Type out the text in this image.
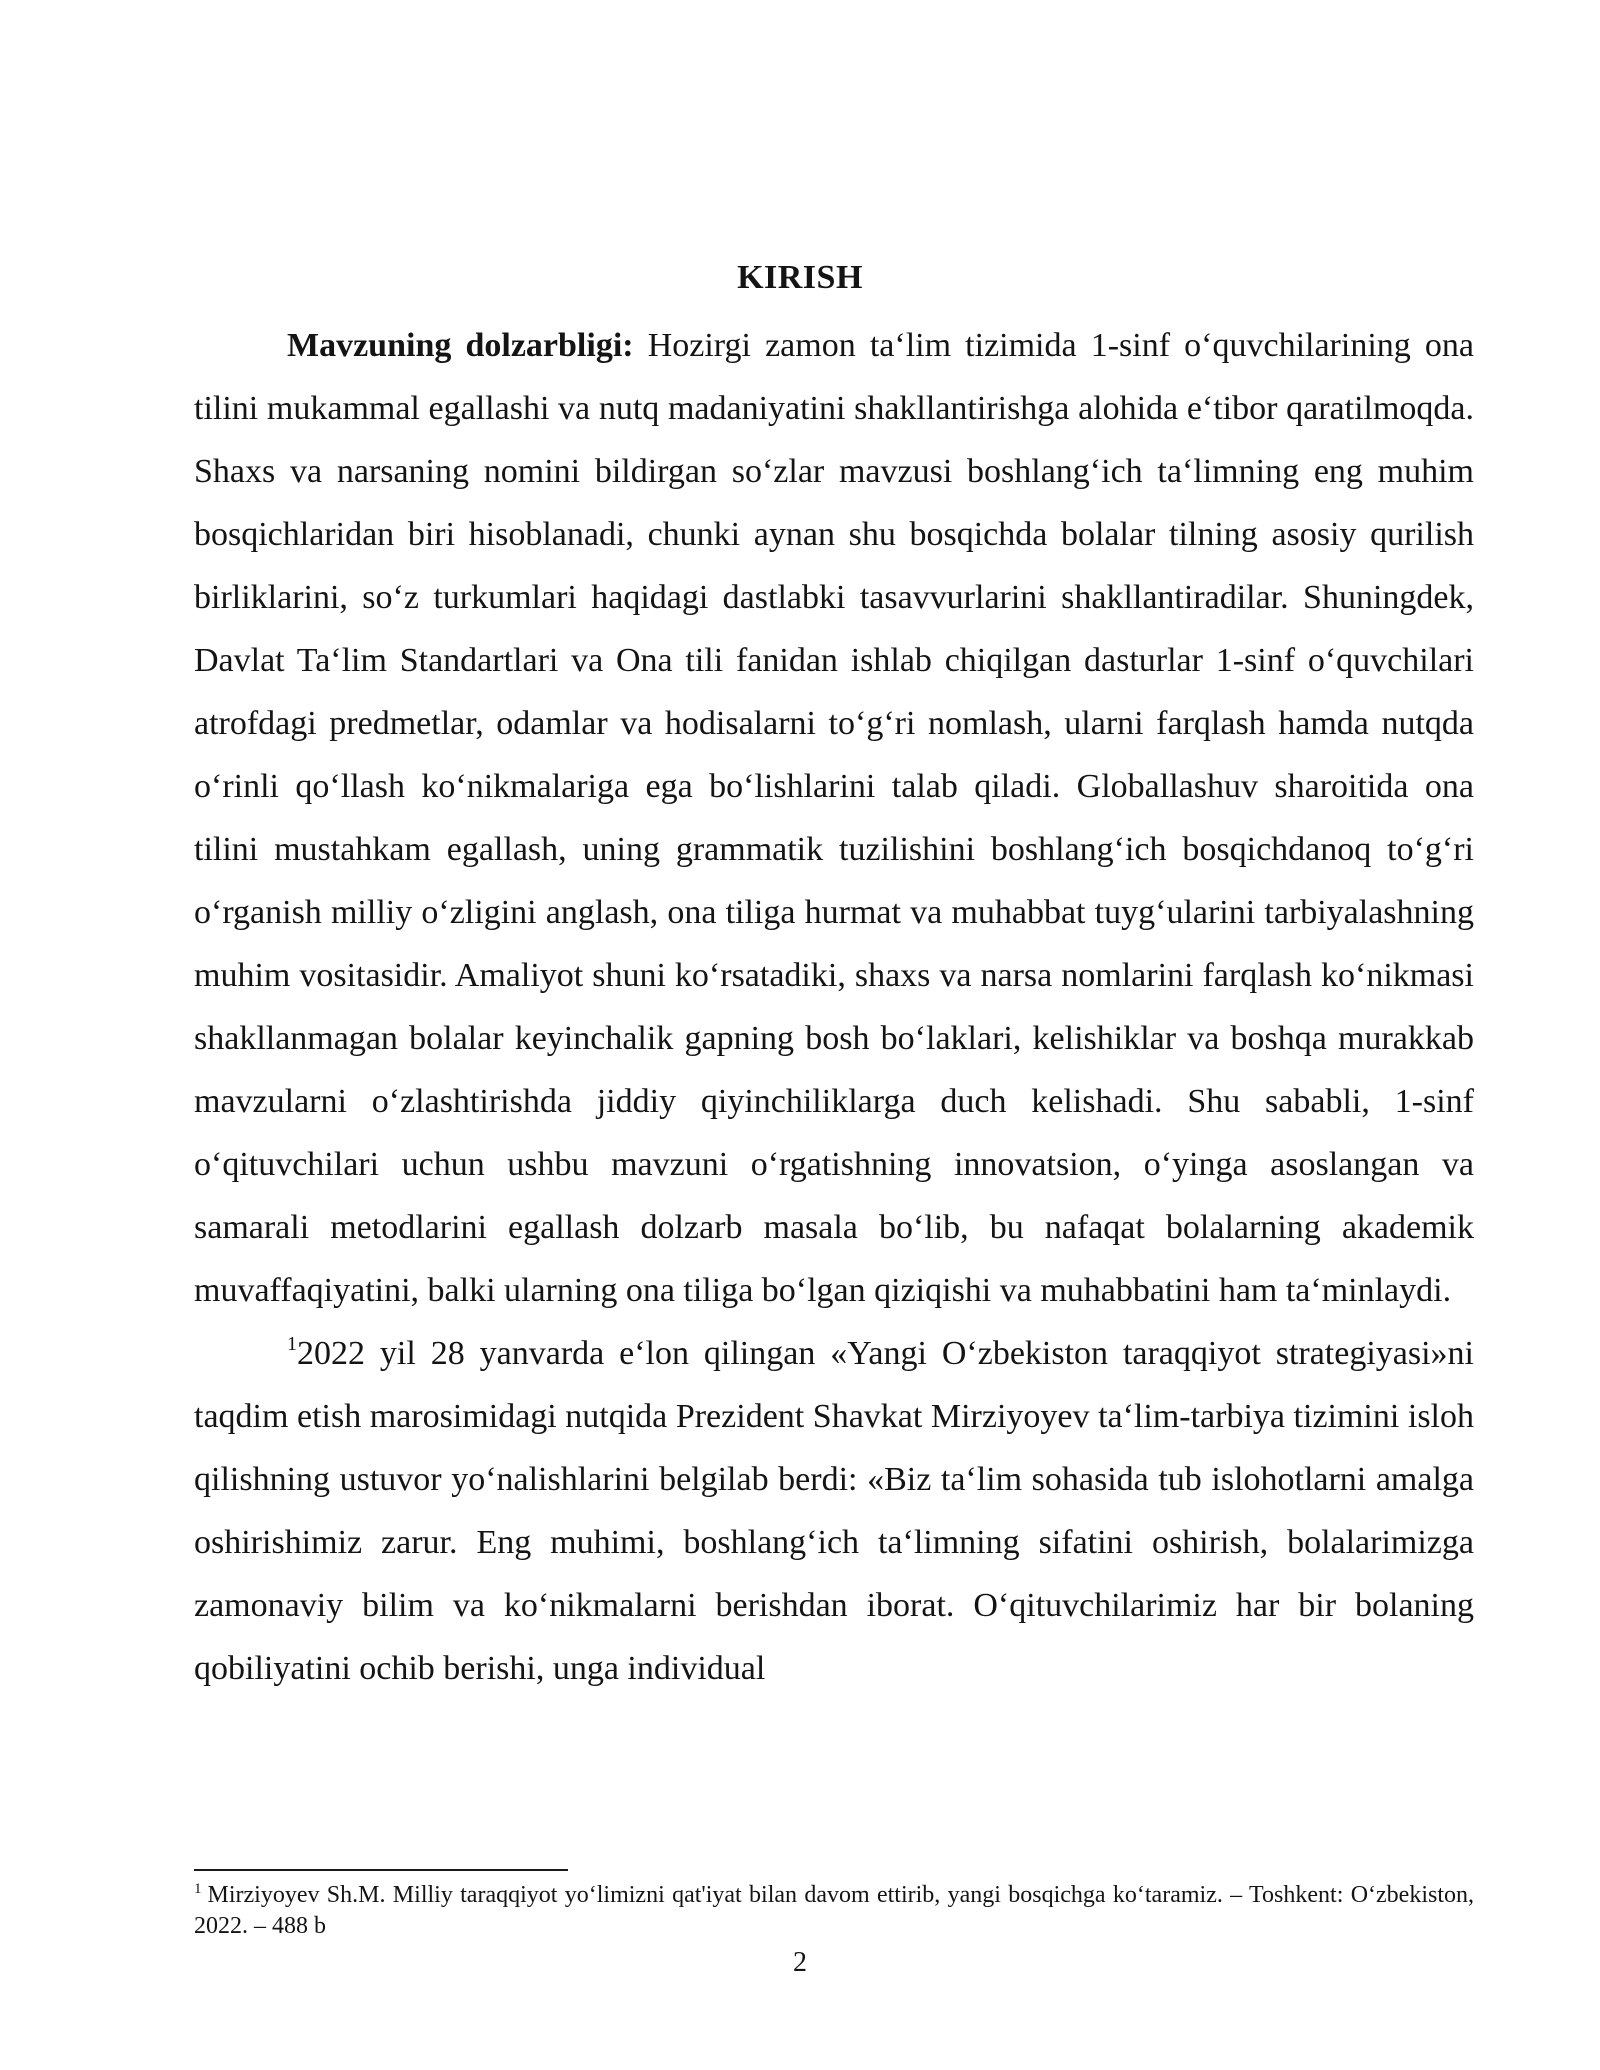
KIRISH

Mavzuning dolzarbligi: Hozirgi zamon ta‘lim tizimida 1-sinf o‘quvchilarining ona tilini mukammal egallashi va nutq madaniyatini shakllantirishga alohida e‘tibor qaratilmoqda. Shaxs va narsaning nomini bildirgan so‘zlar mavzusi boshlang‘ich ta‘limning eng muhim bosqichlaridan biri hisoblanadi, chunki aynan shu bosqichda bolalar tilning asosiy qurilish birliklarini, so‘z turkumlari haqidagi dastlabki tasavvurlarini shakllantiradilar. Shuningdek, Davlat Ta‘lim Standartlari va Ona tili fanidan ishlab chiqilgan dasturlar 1-sinf o‘quvchilari atrofdagi predmetlar, odamlar va hodisalarni to‘g‘ri nomlash, ularni farqlash hamda nutqda o‘rinli qo‘llash ko‘nikmalariga ega bo‘lishlarini talab qiladi. Globallashuv sharoitida ona tilini mustahkam egallash, uning grammatik tuzilishini boshlang‘ich bosqichdanoq to‘g‘ri o‘rganish milliy o‘zligini anglash, ona tiliga hurmat va muhabbat tuyg‘ularini tarbiyalashning muhim vositasidir. Amaliyot shuni ko‘rsatadiki, shaxs va narsa nomlarini farqlash ko‘nikmasi shakllanmagan bolalar keyinchalik gapning bosh bo‘laklari, kelishiklar va boshqa murakkab mavzularni o‘zlashtirishda jiddiy qiyinchiliklarga duch kelishadi. Shu sababli, 1-sinf o‘qituvchilari uchun ushbu mavzuni o‘rgatishning innovatsion, o‘yinga asoslangan va samarali metodlarini egallash dolzarb masala bo‘lib, bu nafaqat bolalarning akademik muvaffaqiyatini, balki ularning ona tiliga bo‘lgan qiziqishi va muhabbatini ham ta‘minlaydi.

$^1$2022 yil 28 yanvarda e‘lon qilingan «Yangi O‘zbekiston taraqqiyot strategiyasi»ni taqdim etish marosimidagi nutqida Prezident Shavkat Mirziyoyev ta‘lim-tarbiya tizimini isloh qilishning ustuvor yo‘nalishlarini belgilab berdi: «Biz ta‘lim sohasida tub islohotlarni amalga oshirishimiz zarur. Eng muhimi, boshlang‘ich ta‘limning sifatini oshirish, bolalarimizga zamonaviy bilim va ko‘nikmalarni berishdan iborat. O‘qituvchilarimiz har bir bolaning qobiliyatini ochib berishi, unga individual

$^1$ Mirziyoyev Sh.M. Milliy taraqqiyot yo‘limizni qat'iyat bilan davom ettirib, yangi bosqichga ko‘taramiz. – Toshkent: O‘zbekiston, 2022. – 488 b
2
